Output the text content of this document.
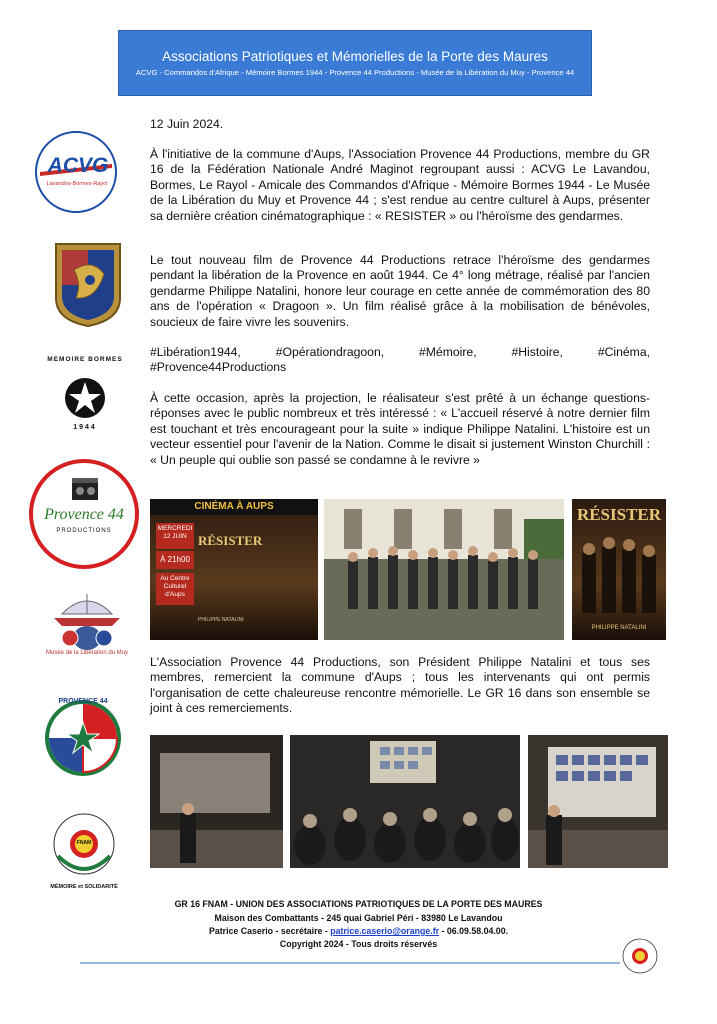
Associations Patriotiques et Mémorielles de la Porte des Maures
ACVG - Commandos d'Afrique - Mémoire Bormes 1944 - Provence 44 Productions - Musée de la Libération du Muy - Provence 44
ACVG
Lavandou-Bormes-Rayol
MEMOIRE BORMES
1944
Provence 44
PRODUCTIONS
Musée de la Libération du Muy
PROVENCE 44
FNAM
MÉMOIRE et SOLIDARITÉ

12 Juin 2024.

À l'initiative de la commune d'Aups, l'Association Provence 44 Productions, membre du GR 16 de la Fédération Nationale André Maginot regroupant aussi : ACVG Le Lavandou, Bormes, Le Rayol - Amicale des Commandos d'Afrique - Mémoire Bormes 1944 - Le Musée de la Libération du Muy et Provence 44 ; s'est rendue au centre culturel à Aups, présenter sa dernière création cinématographique : « RESISTER » ou l'héroïsme des gendarmes.

Le tout nouveau film de Provence 44 Productions retrace l'héroïsme des gendarmes pendant la libération de la Provence en août 1944. Ce 4° long métrage, réalisé par l'ancien gendarme Philippe Natalini, honore leur courage en cette année de commémoration des 80 ans de l'opération « Dragoon ». Un film réalisé grâce à la mobilisation de bénévoles, soucieux de faire vivre les souvenirs.

#Libération1944, #Opérationdragoon, #Mémoire, #Histoire, #Cinéma, #Provence44Productions

À cette occasion, après la projection, le réalisateur s'est prêté à un échange questions-réponses avec le public nombreux et très intéressé : « L'accueil réservé à notre dernier film est touchant et très encourageant pour la suite » indique Philippe Natalini. L'histoire est un vecteur essentiel pour l'avenir de la Nation. Comme le disait si justement Winston Churchill : « Un peuple qui oublie son passé se condamne à le revivre »

CINÉMA À AUPS
MERCREDI 12 JUIN
À 21h00
Au Centre Culturel d'Aups
RÉSISTER
PHILIPPE NATALINI
RÉSISTER
PHILIPPE NATALINI

L'Association Provence 44 Productions, son Président Philippe Natalini et tous ses membres, remercient la commune d'Aups ; tous les intervenants qui ont permis l'organisation de cette chaleureuse rencontre mémorielle. Le GR 16 dans son ensemble se joint à ces remerciements.

GR 16 FNAM - UNION DES ASSOCIATIONS PATRIOTIQUES DE LA PORTE DES MAURES
Maison des Combattants - 245 quai Gabriel Péri - 83980 Le Lavandou
Patrice Caserio - secrétaire - patrice.caserio@orange.fr - 06.09.58.04.00.
Copyright 2024 - Tous droits réservés
